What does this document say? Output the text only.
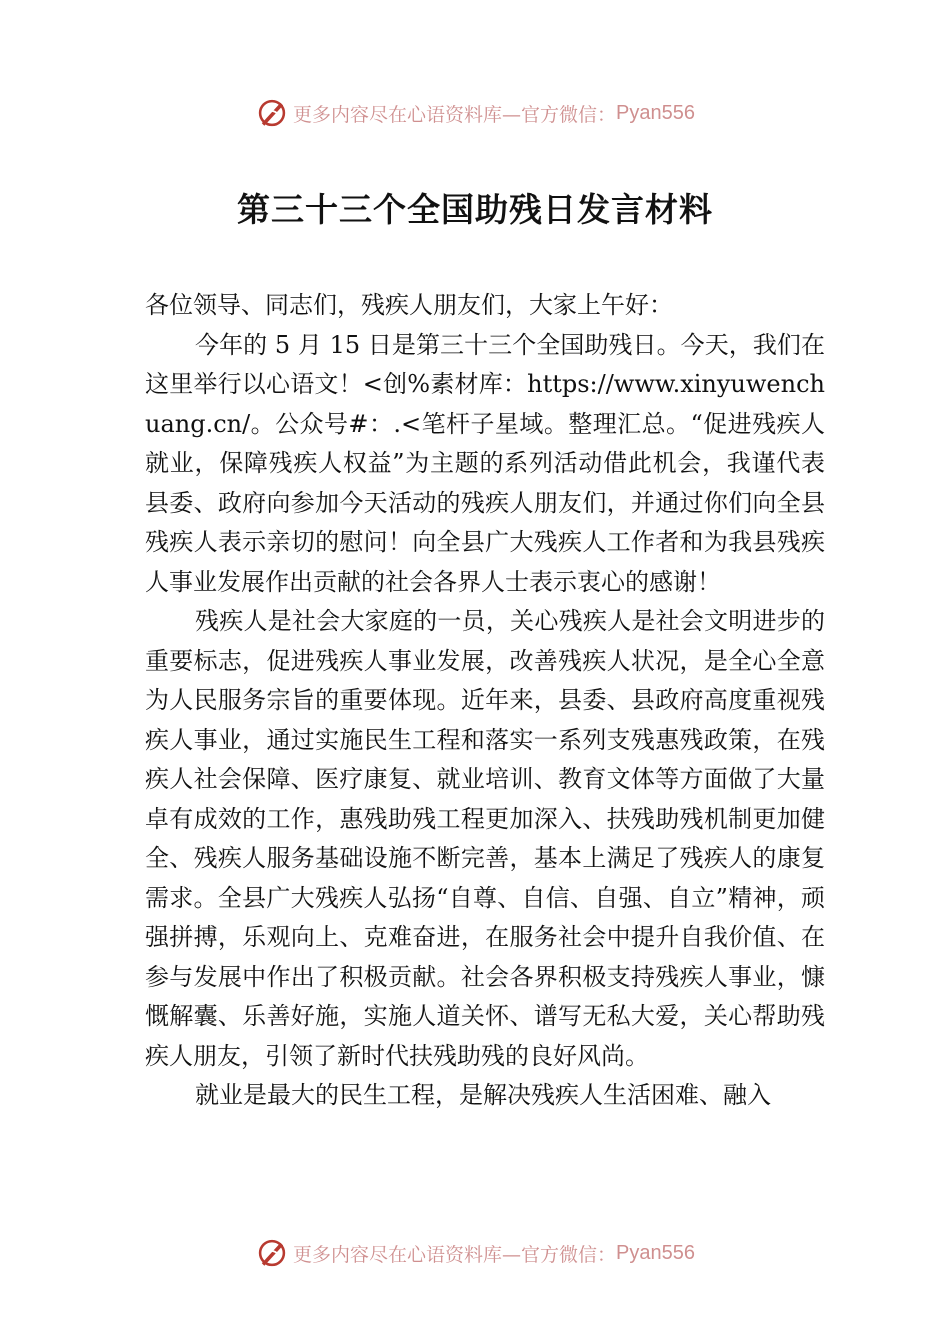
更多内容尽在心语资料库—官方微信： Pyan556
第三十三个全国助残日发言材料

各位领导、同志们，残疾人朋友们，大家上午好：

今年的 5 月 15 日是第三十三个全国助残日。今天，我们在这里举行以心语文！<创%素材库：https://www.xinyuwenchuang.cn/。公众号#：.<笔杆子星域。整理汇总。“促进残疾人就业，保障残疾人权益”为主题的系列活动借此机会，我谨代表县委、政府向参加今天活动的残疾人朋友们，并通过你们向全县残疾人表示亲切的慰问！向全县广大残疾人工作者和为我县残疾人事业发展作出贡献的社会各界人士表示衷心的感谢！

残疾人是社会大家庭的一员，关心残疾人是社会文明进步的重要标志，促进残疾人事业发展，改善残疾人状况，是全心全意为人民服务宗旨的重要体现。近年来，县委、县政府高度重视残疾人事业，通过实施民生工程和落实一系列支残惠残政策，在残疾人社会保障、医疗康复、就业培训、教育文体等方面做了大量卓有成效的工作，惠残助残工程更加深入、扶残助残机制更加健全、残疾人服务基础设施不断完善，基本上满足了残疾人的康复需求。全县广大残疾人弘扬“自尊、自信、自强、自立”精神，顽强拼搏，乐观向上、克难奋进，在服务社会中提升自我价值、在参与发展中作出了积极贡献。社会各界积极支持残疾人事业，慷慨解囊、乐善好施，实施人道关怀、谱写无私大爱，关心帮助残疾人朋友，引领了新时代扶残助残的良好风尚。

就业是最大的民生工程，是解决残疾人生活困难、融入

更多内容尽在心语资料库—官方微信： Pyan556
